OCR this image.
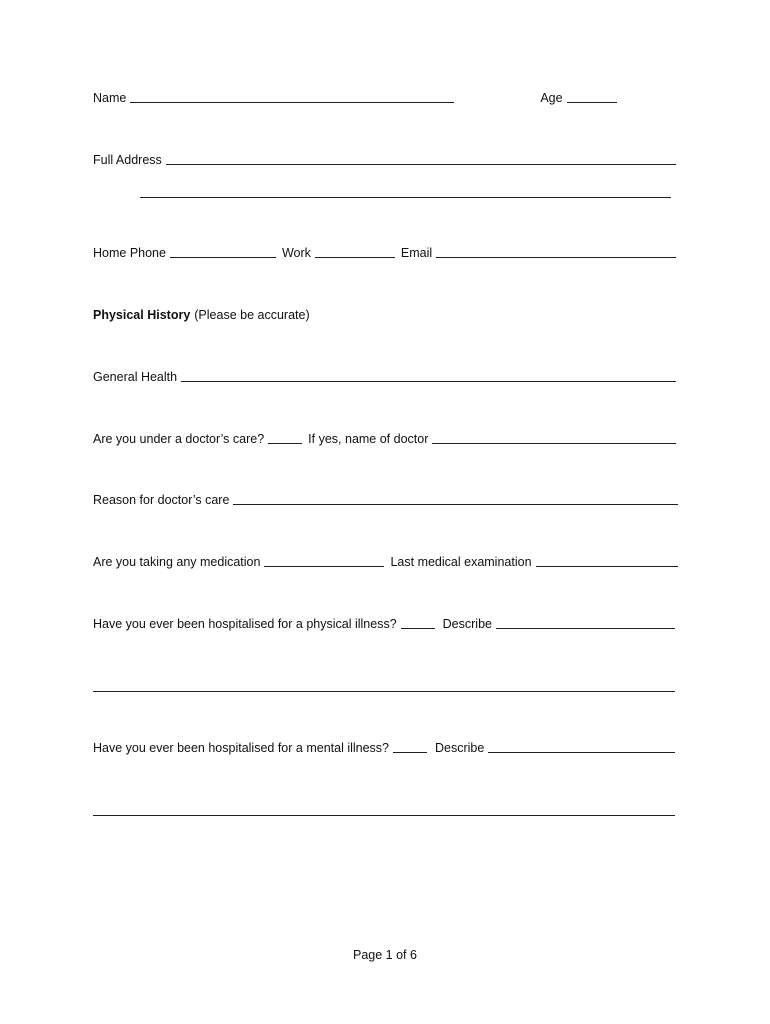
Name	Age
Full Address
Home Phone	Work	Email
Physical History (Please be accurate)
General Health
Are you under a doctor’s care?	If yes, name of doctor
Reason for doctor’s care
Are you taking any medication	Last medical examination
Have you ever been hospitalised for a physical illness?	Describe
Have you ever been hospitalised for a mental illness?	Describe
Page 1 of 6
